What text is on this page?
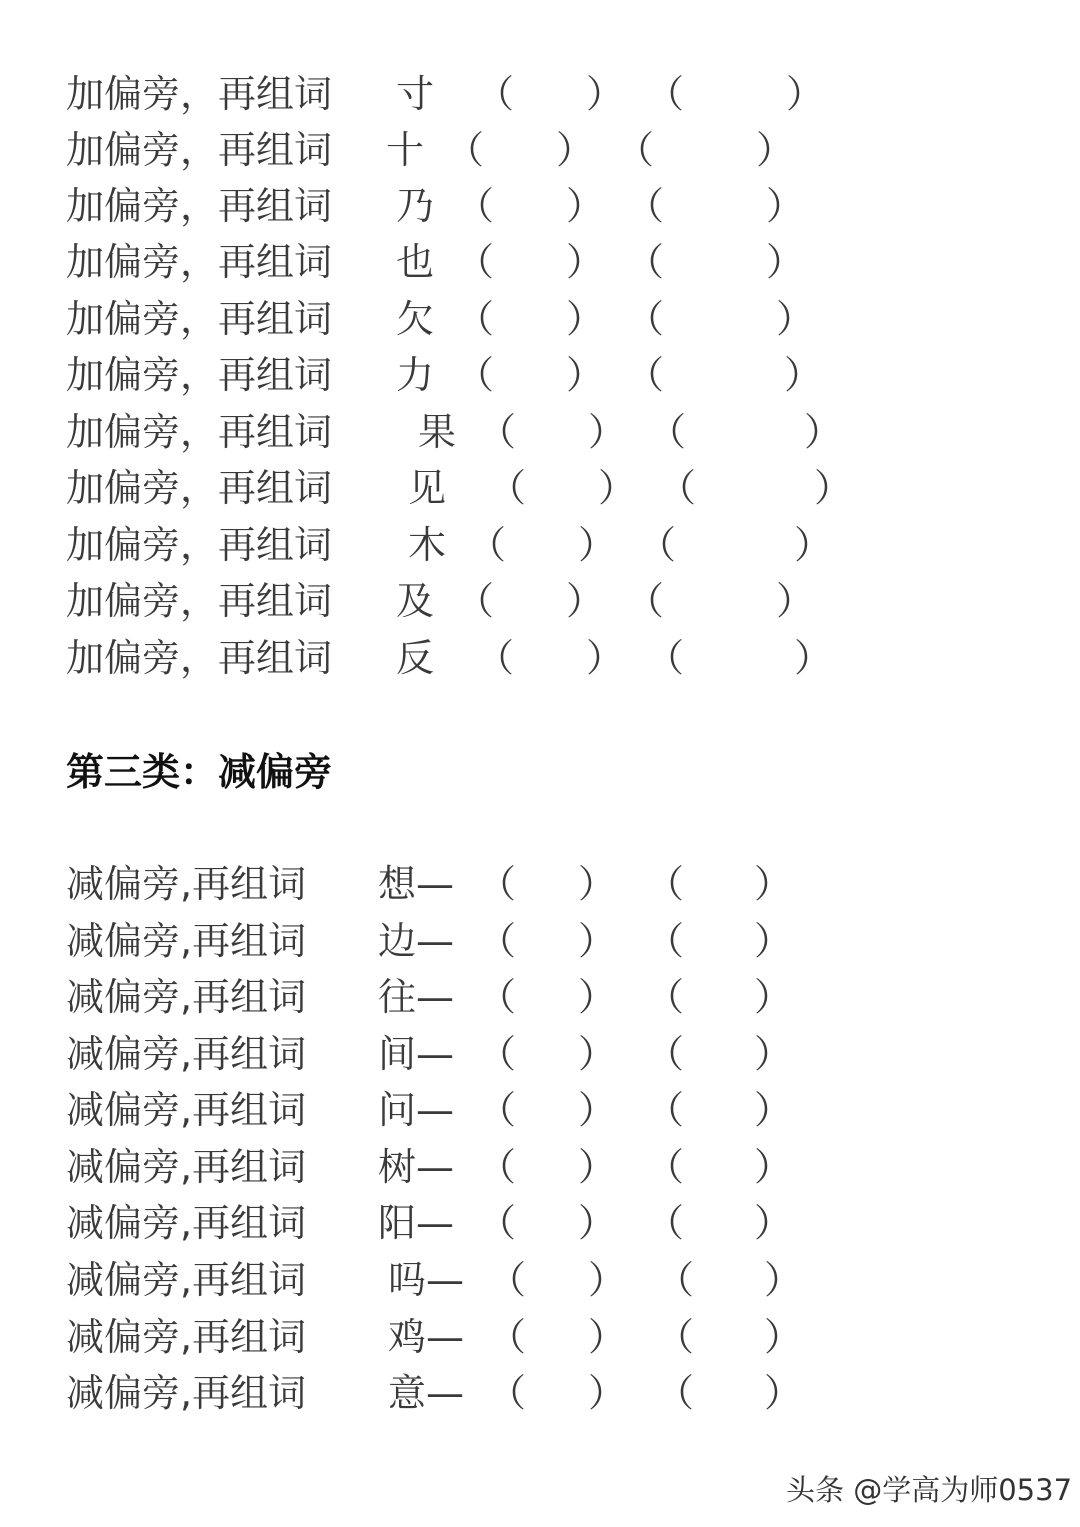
加偏旁，再组词 寸 （ ） （	）
加偏旁，再组词 十 （ ） （	）
加偏旁，再组词 乃 （ ） （	）
加偏旁，再组词 也 （ ） （	）
加偏旁，再组词 欠 （ ） （	）
加偏旁，再组词 力 （ ） （	）
加偏旁，再组词 果 （ ） （	）
加偏旁，再组词 见 （ ） （	）
加偏旁，再组词 木 （ ） （	）
加偏旁，再组词 及 （ ） （	）
加偏旁，再组词 反 （ ） （	）
第三类：减偏旁
减偏旁,再组词 想— （ ） （ ）
减偏旁,再组词 边— （ ） （ ）
减偏旁,再组词 往— （ ） （ ）
减偏旁,再组词 间— （ ） （ ）
减偏旁,再组词 问— （ ） （ ）
减偏旁,再组词 树— （ ） （ ）
减偏旁,再组词 阳— （ ） （ ）
减偏旁,再组词 吗— （ ） （ ）
减偏旁,再组词 鸡— （ ） （ ）
减偏旁,再组词 意— （ ） （ ）
头条 @学高为师0537
